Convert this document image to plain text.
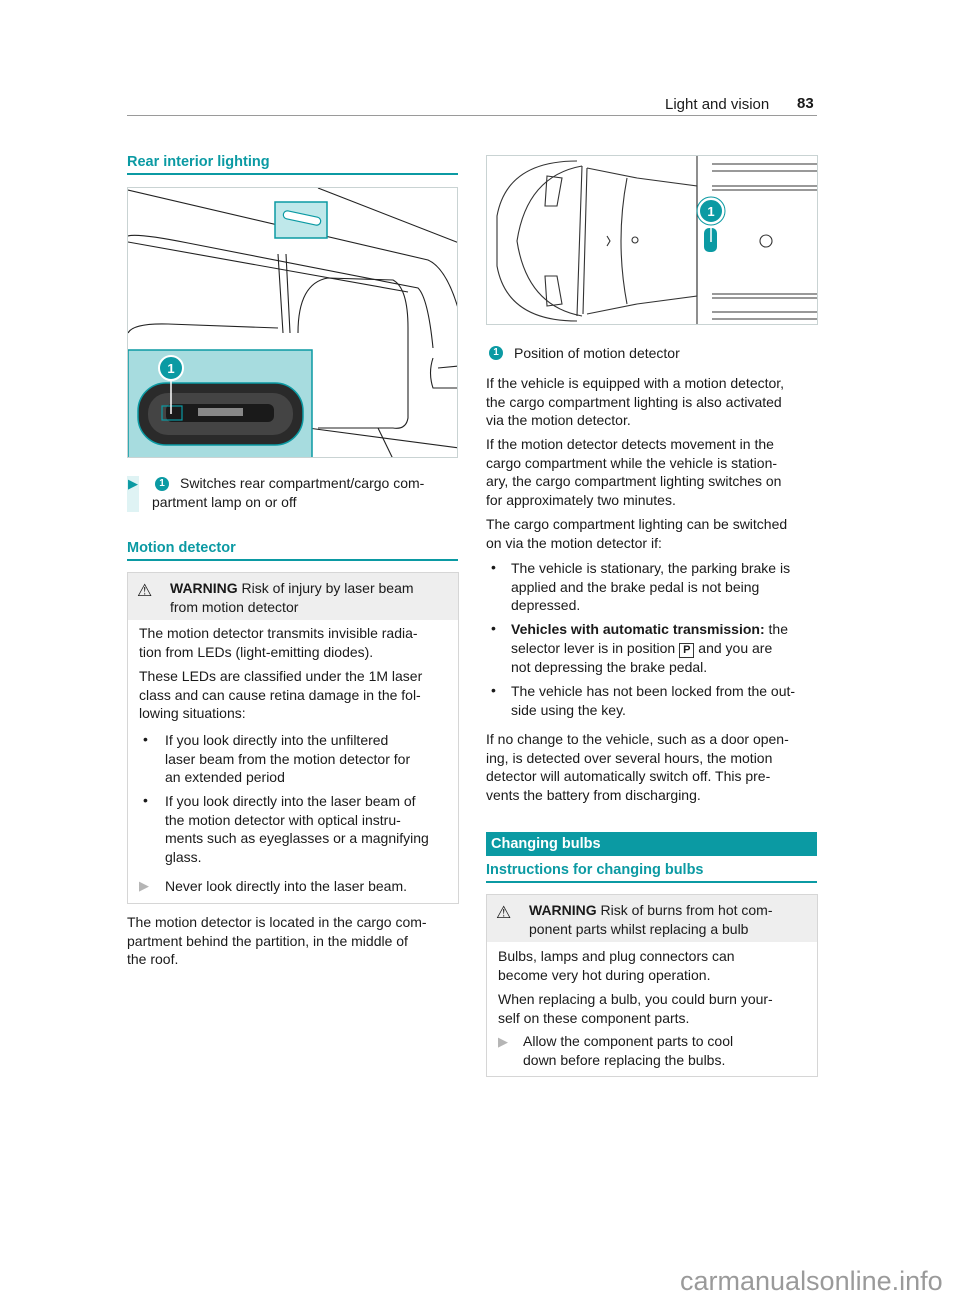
Light and vision 83
Rear interior lighting
1
▶	1	Switches rear compartment/cargo com-
partment lamp on or off
Motion detector
⚠ WARNING Risk of injury by laser beam
from motion detector
The motion detector transmits invisible radia-
tion from LEDs (light-emitting diodes).
These LEDs are classified under the 1M laser
class and can cause retina damage in the fol-
lowing situations:
• If you look directly into the unfiltered
laser beam from the motion detector for
an extended period
• If you look directly into the laser beam of
the motion detector with optical instru-
ments such as eyeglasses or a magnifying
glass.
▶ Never look directly into the laser beam.
The motion detector is located in the cargo com-
partment behind the partition, in the middle of
the roof.
1
1	Position of motion detector
If the vehicle is equipped with a motion detector,
the cargo compartment lighting is also activated
via the motion detector.
If the motion detector detects movement in the
cargo compartment while the vehicle is station-
ary, the cargo compartment lighting switches on
for approximately two minutes.
The cargo compartment lighting can be switched
on via the motion detector if:
• The vehicle is stationary, the parking brake is
applied and the brake pedal is not being
depressed.
• Vehicles with automatic transmission: the
selector lever is in position P and you are
not depressing the brake pedal.
• The vehicle has not been locked from the out-
side using the key.
If no change to the vehicle, such as a door open-
ing, is detected over several hours, the motion
detector will automatically switch off. This pre-
vents the battery from discharging.
Changing bulbs
Instructions for changing bulbs
⚠ WARNING Risk of burns from hot com-
ponent parts whilst replacing a bulb
Bulbs, lamps and plug connectors can
become very hot during operation.
When replacing a bulb, you could burn your-
self on these component parts.
▶ Allow the component parts to cool
down before replacing the bulbs.
carmanualsonline.info
